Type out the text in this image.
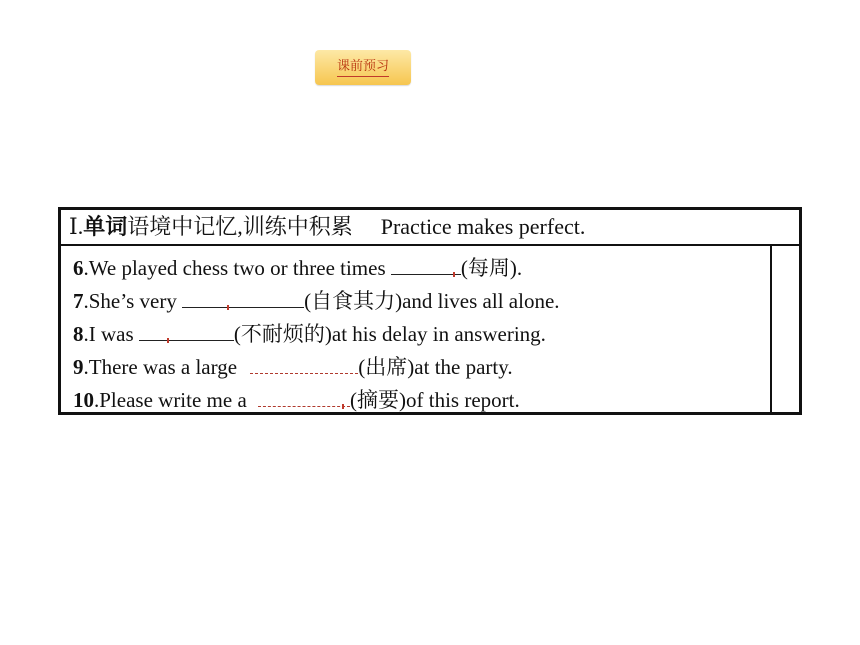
课前预习
Ⅰ.单词语境中记忆,训练中积累 Practice makes perfect.
6.We played chess two or three times	(每周).
7.She’s very	(自食其力)and lives all alone.
8.I was	(不耐烦的)at his delay in answering.
9.There was a large	(出席)at the party.
10.Please write me a	(摘要)of this report.
